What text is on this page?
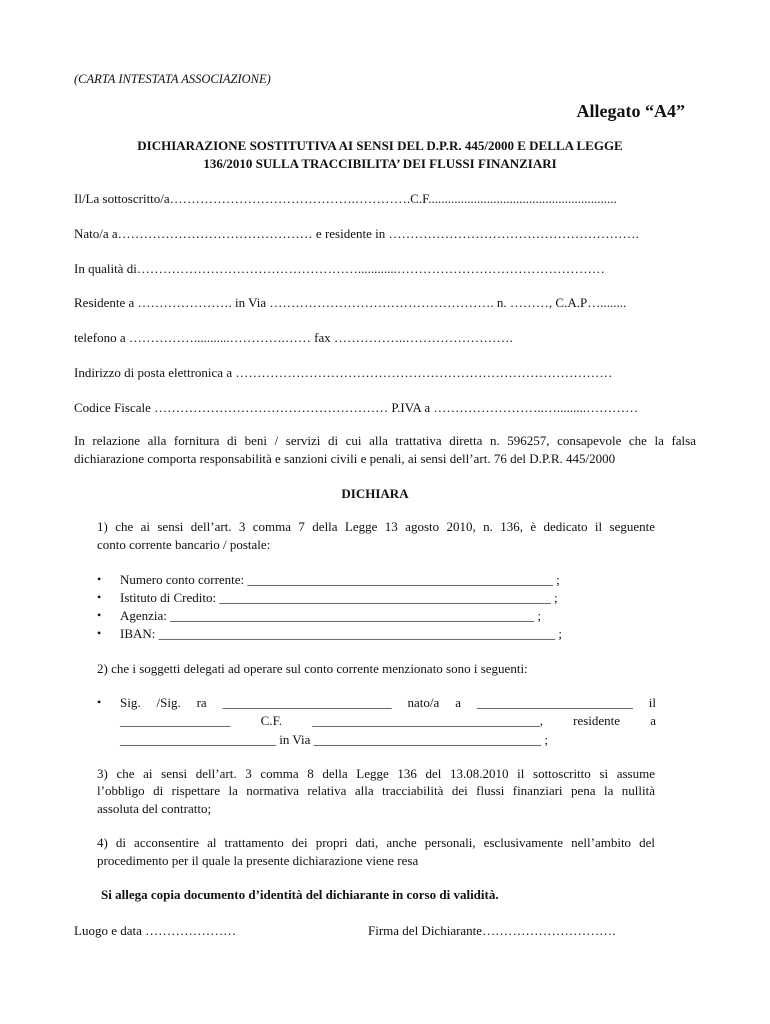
(CARTA INTESTATA ASSOCIAZIONE)
Allegato “A4”
DICHIARAZIONE SOSTITUTIVA AI SENSI DEL D.P.R. 445/2000 E DELLA LEGGE
136/2010 SULLA TRACCIBILITA’ DEI FLUSSI FINANZIARI
Il/La sottoscritto/a…………………………………….………….C.F..........................................................
Nato/a a……………………………………… e residente in ………………………………………………….
In qualità di……………………………………………............…………………………………………
Residente a …………………. in Via ……………………………………………. n. ………, C.A.P…........
telefono a ……………...........………….…… fax ……………..…………………….
Indirizzo di posta elettronica a ……………………………………………………………………………
Codice Fiscale ……………………………………………… P.IVA a ……………………..….........…………
In relazione alla fornitura di beni / servizi di cui alla trattativa diretta n. 596257, consapevole che la falsa
dichiarazione comporta responsabilità e sanzioni civili e penali, ai sensi dell’art. 76 del D.P.R. 445/2000
DICHIARA
1) che ai sensi dell’art. 3 comma 7 della Legge 13 agosto 2010, n. 136, è dedicato il seguente
conto corrente bancario / postale:
• Numero conto corrente: _______________________________________________ ;
• Istituto di Credito: ___________________________________________________ ;
• Agenzia: ________________________________________________________ ;
• IBAN: _____________________________________________________________ ;
2) che i soggetti delegati ad operare sul conto corrente menzionato sono i seguenti:
• Sig. /Sig. ra __________________________ nato/a a ________________________ il
_________________ C.F. ___________________________________, residente a
________________________ in Via ___________________________________ ;
3) che ai sensi dell’art. 3 comma 8 della Legge 136 del 13.08.2010 il sottoscritto si assume
l’obbligo di rispettare la normativa relativa alla tracciabilità dei flussi finanziari pena la nullità
assoluta del contratto;
4) di acconsentire al trattamento dei propri dati, anche personali, esclusivamente nell’ambito del
procedimento per il quale la presente dichiarazione viene resa
Si allega copia documento d’identità del dichiarante in corso di validità.
Luogo e data …………………	Firma del Dichiarante………………………….
